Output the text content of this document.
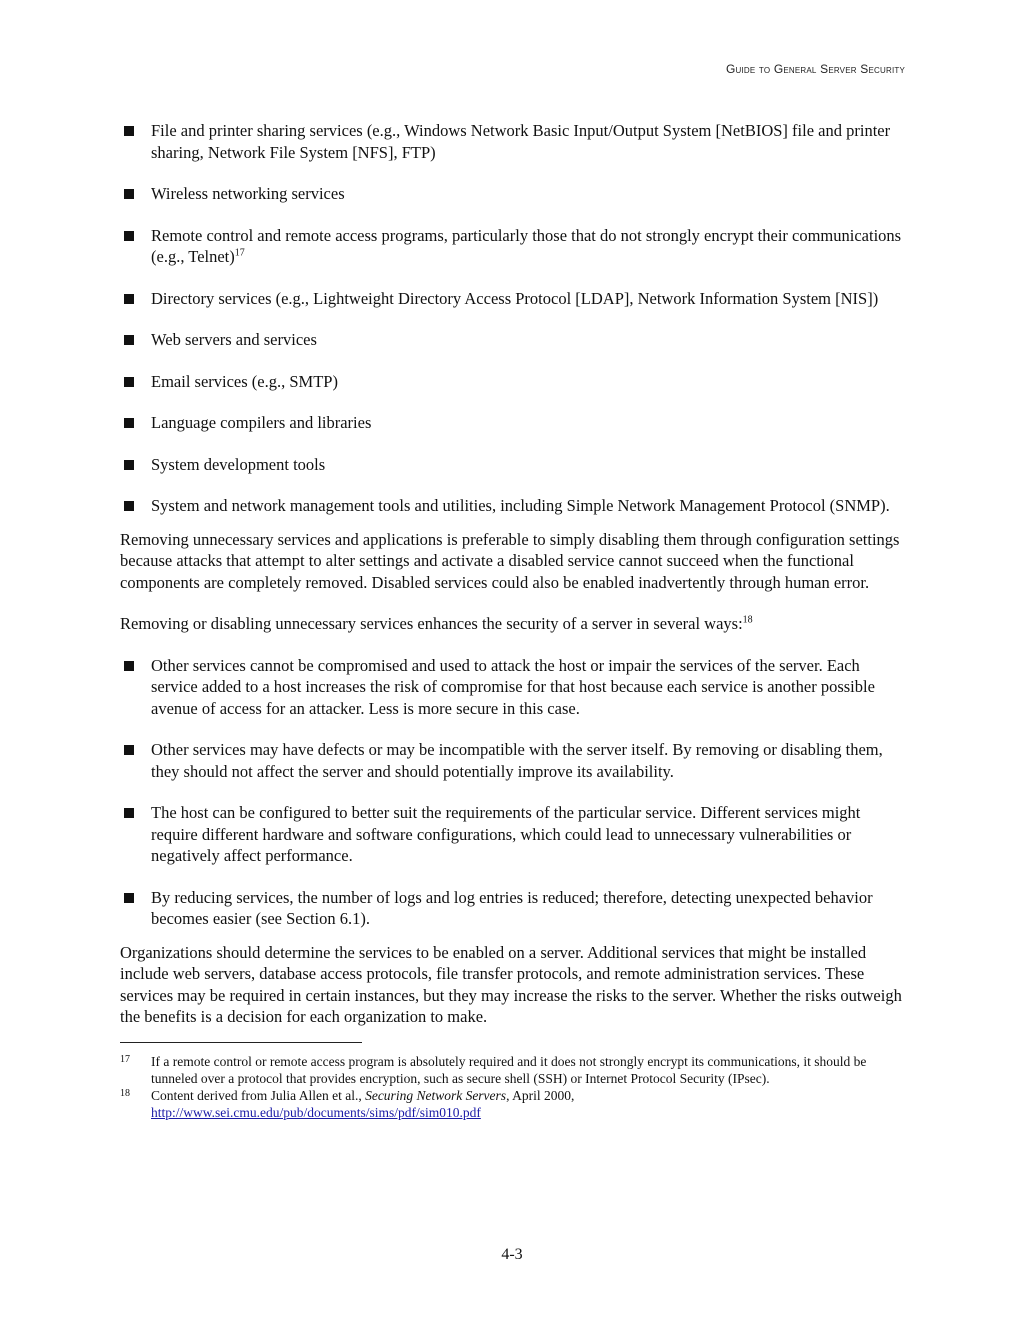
Guide to General Server Security
File and printer sharing services (e.g., Windows Network Basic Input/Output System [NetBIOS] file and printer sharing, Network File System [NFS], FTP)
Wireless networking services
Remote control and remote access programs, particularly those that do not strongly encrypt their communications (e.g., Telnet)$^{17}$
Directory services (e.g., Lightweight Directory Access Protocol [LDAP], Network Information System [NIS])
Web servers and services
Email services (e.g., SMTP)
Language compilers and libraries
System development tools
System and network management tools and utilities, including Simple Network Management Protocol (SNMP).

Removing unnecessary services and applications is preferable to simply disabling them through configuration settings because attacks that attempt to alter settings and activate a disabled service cannot succeed when the functional components are completely removed. Disabled services could also be enabled inadvertently through human error.

Removing or disabling unnecessary services enhances the security of a server in several ways:$^{18}$

Other services cannot be compromised and used to attack the host or impair the services of the server. Each service added to a host increases the risk of compromise for that host because each service is another possible avenue of access for an attacker. Less is more secure in this case.
Other services may have defects or may be incompatible with the server itself. By removing or disabling them, they should not affect the server and should potentially improve its availability.
The host can be configured to better suit the requirements of the particular service. Different services might require different hardware and software configurations, which could lead to unnecessary vulnerabilities or negatively affect performance.
By reducing services, the number of logs and log entries is reduced; therefore, detecting unexpected behavior becomes easier (see Section 6.1).

Organizations should determine the services to be enabled on a server. Additional services that might be installed include web servers, database access protocols, file transfer protocols, and remote administration services. These services may be required in certain instances, but they may increase the risks to the server. Whether the risks outweigh the benefits is a decision for each organization to make.

17 If a remote control or remote access program is absolutely required and it does not strongly encrypt its communications, it should be tunneled over a protocol that provides encryption, such as secure shell (SSH) or Internet Protocol Security (IPsec).
18 Content derived from Julia Allen et al., Securing Network Servers, April 2000,
http://www.sei.cmu.edu/pub/documents/sims/pdf/sim010.pdf
4-3
